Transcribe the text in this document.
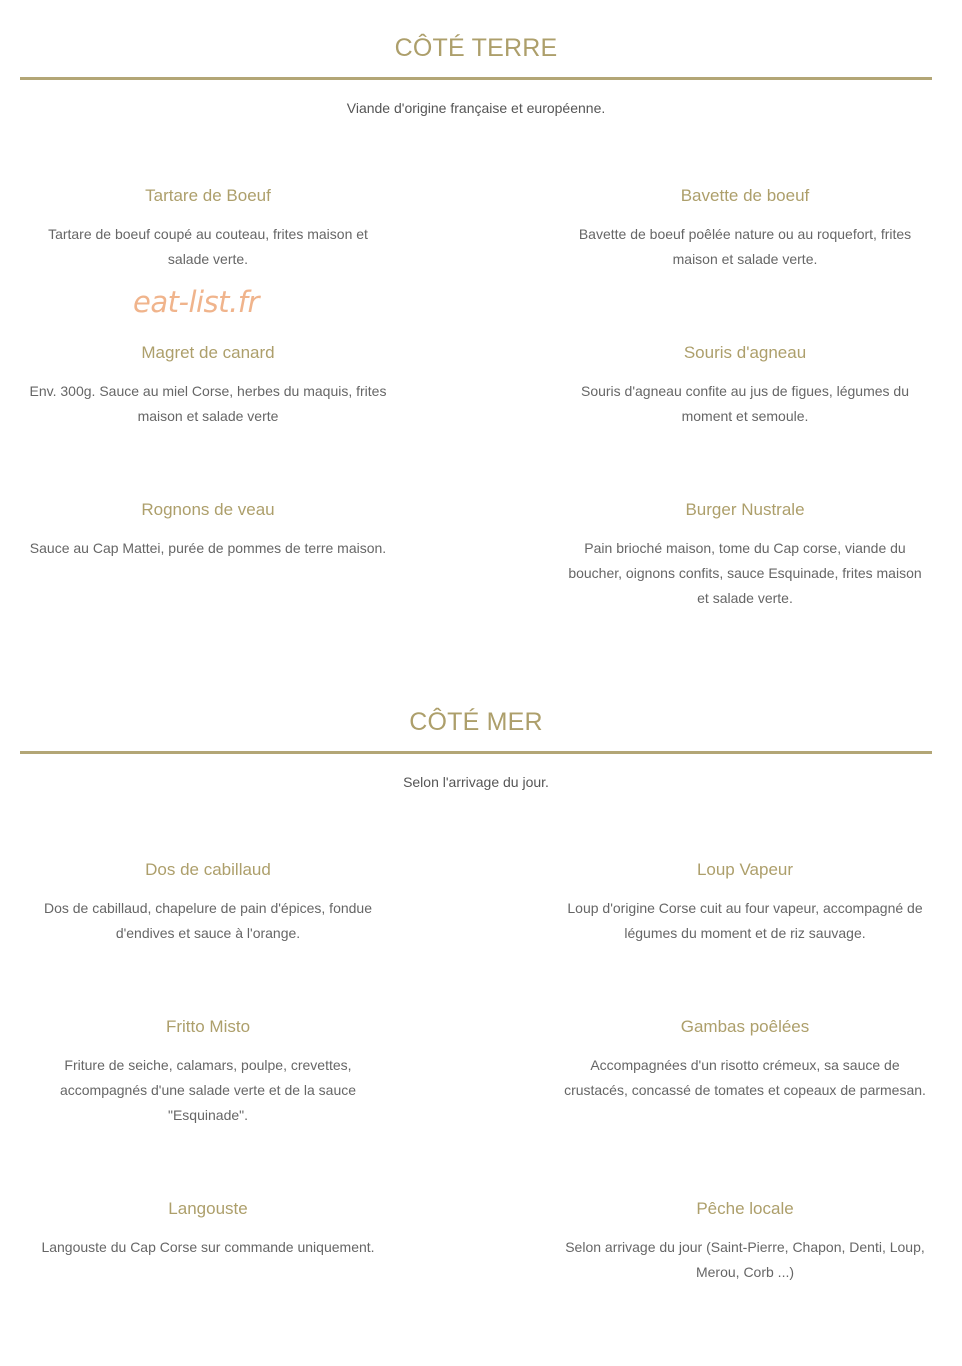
CÔTÉ TERRE
Viande d'origine française et européenne.
Tartare de Boeuf

Tartare de boeuf coupé au couteau, frites maison et salade verte.

Bavette de boeuf

Bavette de boeuf poêlée nature ou au roquefort, frites maison et salade verte.

eat-list.fr
Magret de canard

Env. 300g. Sauce au miel Corse, herbes du maquis, frites maison et salade verte

Souris d'agneau

Souris d'agneau confite au jus de figues, légumes du moment et semoule.

Rognons de veau

Sauce au Cap Mattei, purée de pommes de terre maison.

Burger Nustrale

Pain brioché maison, tome du Cap corse, viande du boucher, oignons confits, sauce Esquinade, frites maison et salade verte.

CÔTÉ MER
Selon l'arrivage du jour.
Dos de cabillaud

Dos de cabillaud, chapelure de pain d'épices, fondue d'endives et sauce à l'orange.

Loup Vapeur

Loup d'origine Corse cuit au four vapeur, accompagné de légumes du moment et de riz sauvage.

Fritto Misto

Friture de seiche, calamars, poulpe, crevettes, accompagnés d'une salade verte et de la sauce "Esquinade".

Gambas poêlées

Accompagnées d'un risotto crémeux, sa sauce de crustacés, concassé de tomates et copeaux de parmesan.

Langouste

Langouste du Cap Corse sur commande uniquement.

Pêche locale

Selon arrivage du jour (Saint-Pierre, Chapon, Denti, Loup, Merou, Corb ...)
